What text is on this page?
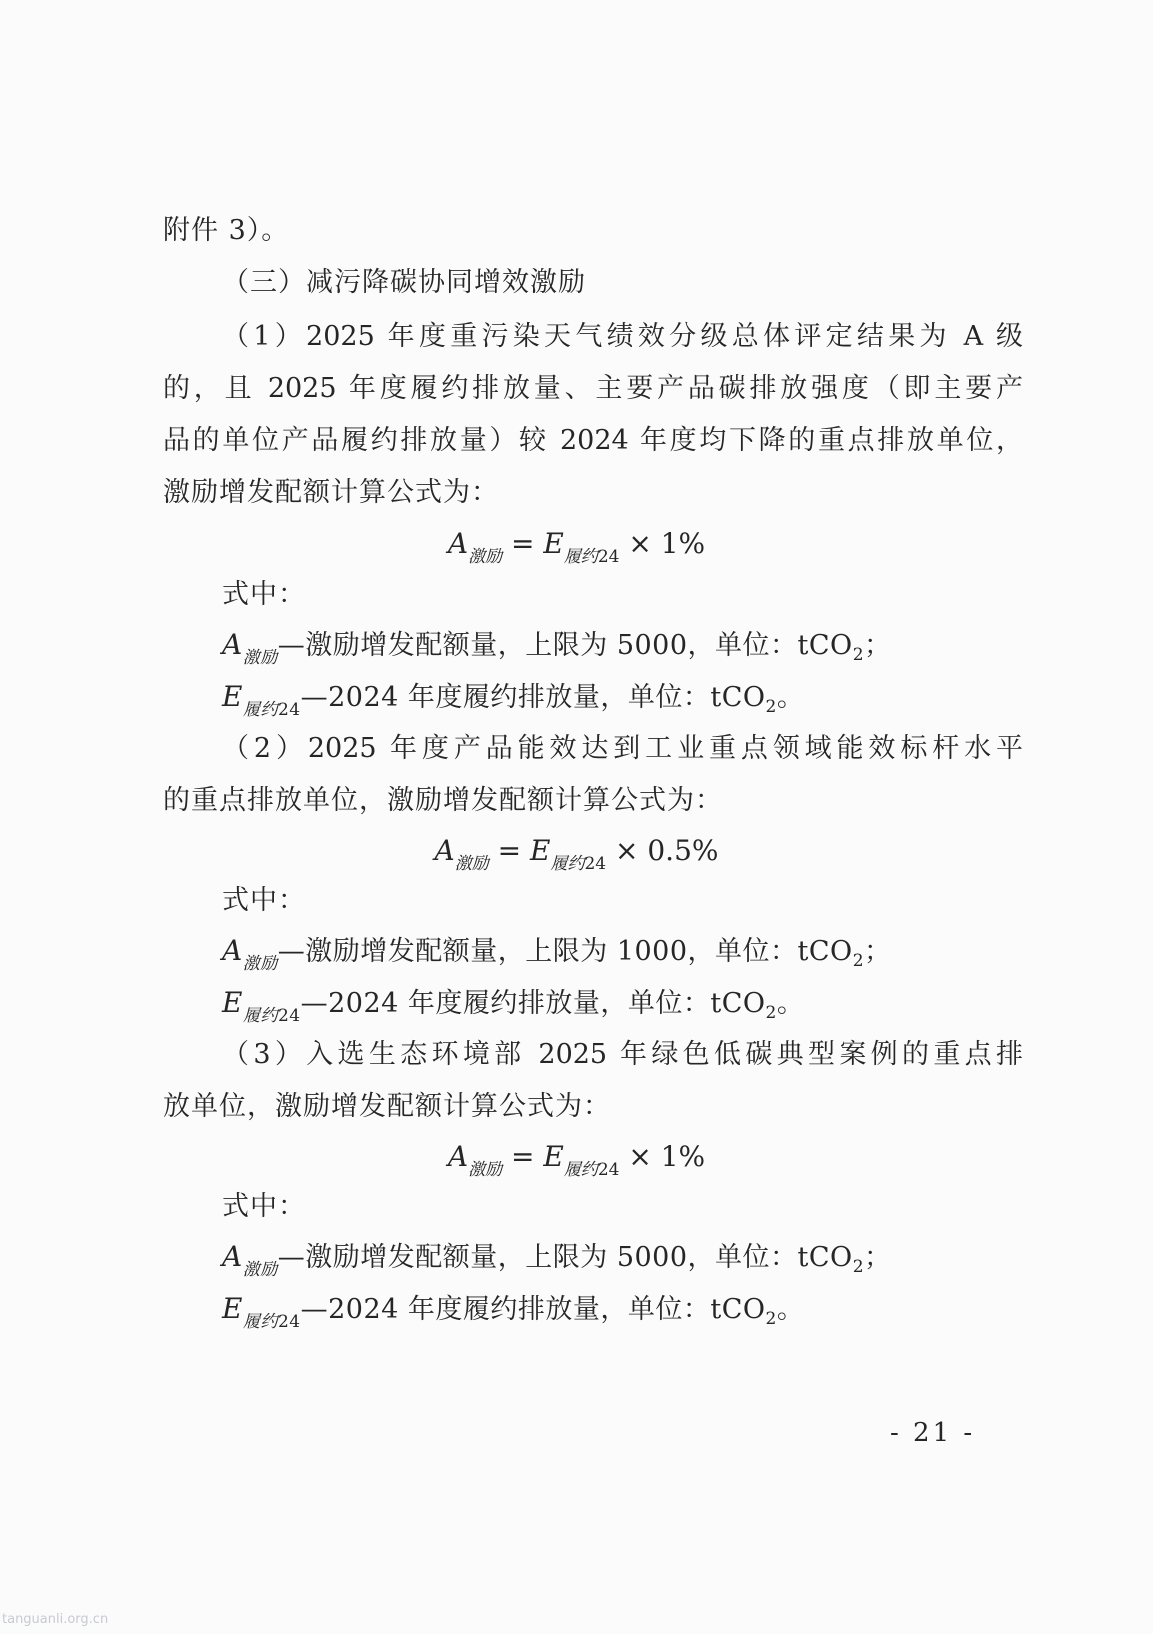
附件 3）。
（三）减污降碳协同增效激励
（1）2025 年度重污染天气绩效分级总体评定结果为 A 级
的，且 2025 年度履约排放量、主要产品碳排放强度（即主要产
品的单位产品履约排放量）较 2024 年度均下降的重点排放单位，
激励增发配额计算公式为：
$A_{激励} = E_{履约24} \times 1\%$
式中：
$A_{激励}—$激励增发配额量，上限为 5000，单位：tCO$_2$；
$E_{履约24}—2024$ 年度履约排放量，单位：tCO$_2$。
（2）2025 年度产品能效达到工业重点领域能效标杆水平
的重点排放单位，激励增发配额计算公式为：
$A_{激励} = E_{履约24} \times 0.5\%$
式中：
$A_{激励}—$激励增发配额量，上限为 1000，单位：tCO$_2$；
$E_{履约24}—2024$ 年度履约排放量，单位：tCO$_2$。
（3）入选生态环境部 2025 年绿色低碳典型案例的重点排
放单位，激励增发配额计算公式为：
$A_{激励} = E_{履约24} \times 1\%$
式中：
$A_{激励}—$激励增发配额量，上限为 5000，单位：tCO$_2$；
$E_{履约24}—2024$ 年度履约排放量，单位：tCO$_2$。
- 21 -
tanguanli.org.cn
